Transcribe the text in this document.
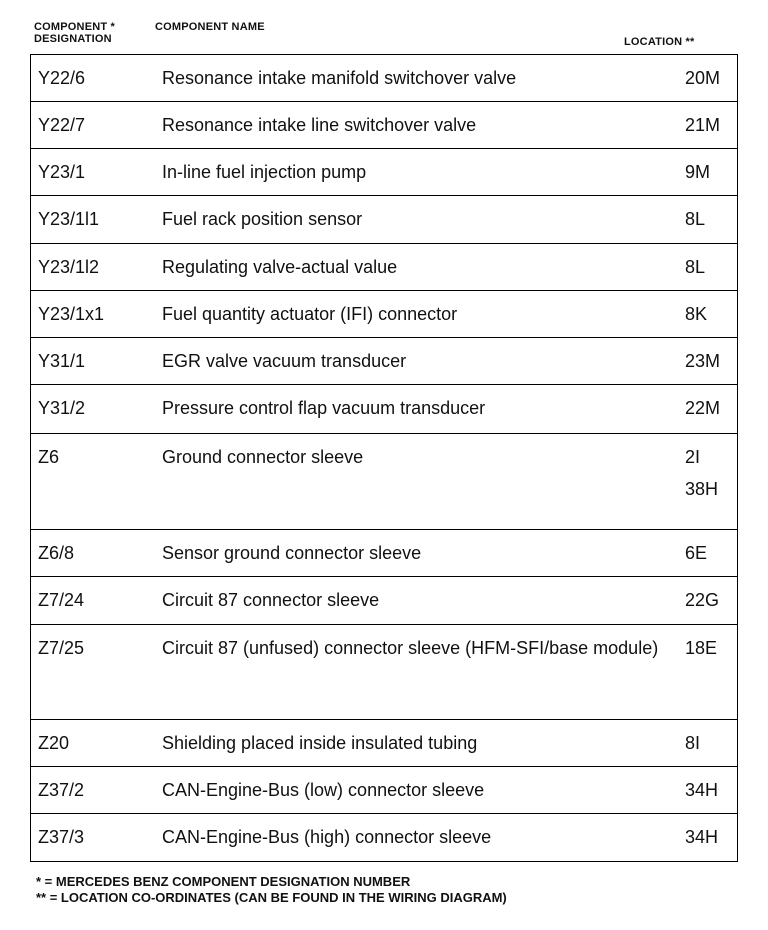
COMPONENT * DESIGNATION
COMPONENT NAME
LOCATION **
Y22/6	Resonance intake manifold switchover valve	20M

Y22/7	Resonance intake line switchover valve	21M

Y23/1	In-line fuel injection pump	9M

Y23/1l1	Fuel rack position sensor	8L

Y23/1l2	Regulating valve-actual value	8L

Y23/1x1	Fuel quantity actuator (IFI) connector	8K

Y31/1	EGR valve vacuum transducer	23M

Y31/2	Pressure control flap vacuum transducer	22M

Z6	Ground connector sleeve	2I
38H

Z6/8	Sensor ground connector sleeve	6E

Z7/24	Circuit 87 connector sleeve	22G

Z7/25	Circuit 87 (unfused) connector sleeve (HFM-SFI/base module)	18E

Z20	Shielding placed inside insulated tubing	8I

Z37/2	CAN-Engine-Bus (low) connector sleeve	34H

Z37/3	CAN-Engine-Bus (high) connector sleeve	34H
* = MERCEDES BENZ COMPONENT DESIGNATION NUMBER
** = LOCATION CO-ORDINATES (CAN BE FOUND IN THE WIRING DIAGRAM)
